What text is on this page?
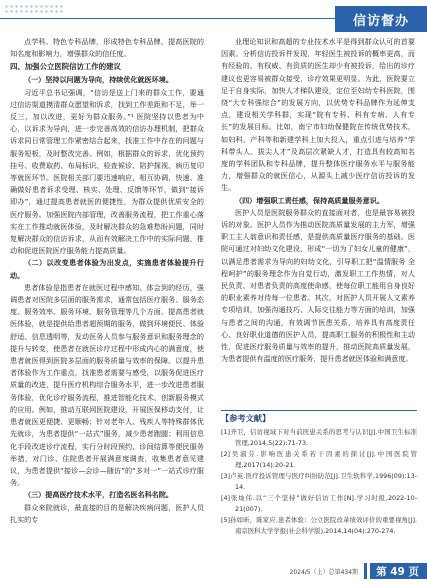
信访督办

点学科、特色专科品牌，形成特色专科品牌，提高医院的知名度和影响力，增强群众的信任度。

四、加强公立医院信访工作的建议
（一）坚持以问题为导向，持续优化就医环境。

习近平总书记强调，“信访是送上门来的群众工作，要通过信访渠道摸清群众愿望和诉求，找到工作差距和不足，举一反三、加以改进，更好为群众服务。”¹ 医院坚持以患者为中心，以诉求为导向，进一步完善高效的信访办理机制，把群众诉求同日常管理工作紧密结合起来，找准工作中存在的问题与服务短板，及时整改完善。例如，根据群众的诉求，优化预约挂号、收费取药、布局标识、检查候诊、陪护探视、病历复印等就医环节。医院相关部门要迅速响应，相互协调，快速、准确做好患者诉求受理、核实、处理、反馈等环节，做到“接诉即办”，通过提高患者就医的便捷性，为群众提供优质安全的医疗服务。加强医院内部管理，改善服务流程，把工作重心落实在工作推动就医体验，及时解决群众的急难愁盼问题，同时复解决群众的信访诉求，从而有效解决工作中的实际问题，推动和促进医院医疗服务能力提高质量。

（二）以改变患者体验为出发点，实施患者体验提升行动。

患者体验是指患者在就医过程中感知、体会到的经历，强调患者对医院多层面的服务需求，通常包括医疗服务、服务态度、服务效率、服务环境、服务管理等几个方面。提高患者就医体验，就是提供给患者超预期的服务，做到环境便民、体验舒适、信息透明等，发动医务人员参与服务意识和服务理念的提升与转变，使患者在就医诊疗过程中形成内心的满意度，使患者就医得到医院多层面的服务质量与效率的保障。以提升患者体验作为工作重点，找准患者需要与感受，以服务促进医疗质量的改进，提升医疗机构综合服务水平，进一步改进患者服务体验，优化诊疗服务流程，推进智能化技术、创新服务模式的应用。例如，推动互联网医院建设，开展医保移动支付，让患者就医更便捷、更顺畅；针对老年人、残疾人等特殊群体优先就诊，为患者提供“一站式”服务，减少患者跑腿；利用信息化手段改进诊疗流程，实行分时段预约、诊间结算等便民服务举措，对门诊、住院患者开展满意度调查，收集患者意见建议，为患者提供“接诊—会诊—随访”的“多对一”一站式诊疗服务。

（三）提高医疗技术水平，打造名医名科名院。

群众来院就诊，最直接的目的是解决疾病问题，医护人员扎实的专

业理论知识和高超的专业技术水平是得到群众认可的首要因素。分析信访投诉件发现，年轻医生被投诉的概率更高，而有经验的、有权威、有资质的医生却少有被投诉，给出的诊疗建议也更容易被群众接受，诊疗效果更明显。为此，医院要立足于自身实际，加快人才梯队建设，定位至妇幼专科医院，围绕“大专科强综合”的发展方向，以优势专科品牌作为延伸支点，建设相关学科群，实现“院有专科、科有专病、人有专长”的发展目标。比如，南宁市妇幼保健院在传统优势技术，如妇科、产科等和新建学科上加大投入，重点引进与培养“学科带头人、拔尖人才”及高层次紧缺人才，打造具有较高知名度的学科团队和专科品牌，提升整体医疗服务水平与服务能力，增强群众的就医信心，从源头上减少医疗信访投诉的发生。

（四）增强职工责任感，保持高质量服务意识。

医护人员是医院服务群众的直接面对者，也是最容易被投诉的对象。医护人员作为推动医院高质量发展的主力军，增强职工主人翁意识和责任感，是提供高质量医疗服务的基础。医院可通过对妇幼文化建设，形成“一切为了妇女儿童的健康”，以满足患者需求为导向的妇幼文化，引导职工把“温情服务 全程呵护”的服务理念作为自觉行动，激发职工工作热情，对人民负责、对患者负责的高度使命感，使每位职工能用自身良好的职业素养对待每一位患者。其次，对医护人员开展人文素养专项培训，加强沟通技巧、人际交往能力等方面的培训，加强与患者之间的沟通，有效调节医患关系，培养具有高度责任心、良好职业道德的医护人员，提高职工服务的积极性和主动性，促进医疗服务质量与效率的提升，推动医院高质量发展，为患者提供有温度的医疗服务，提升患者就医体验和满意度。

【参考文献】
[1]齐卫，信访视域下对当前医患关系的思考与认识[J].中国卫生标准管理,2014,5(22):71-73.
[2]吴淑芬.影响医患关系若干因素的探讨[J].中国医院管理,2017(14):20-21.
[3]卢英.医疗投诉管理与医疗纠纷防范[J].卫生软科学,1996(09):13-14.
[4]张灿伟.以“三个坚持”做好信访工作[N].学习时报,2022-10-21(007).
[5]孙如昕，陈家应.患者体验：公立医院改革绩效评价的重要视角[J].南京医科大学学报(社会科学版),2014,14(04):270-274.
2024/5（上）总第434期	第 49 页
